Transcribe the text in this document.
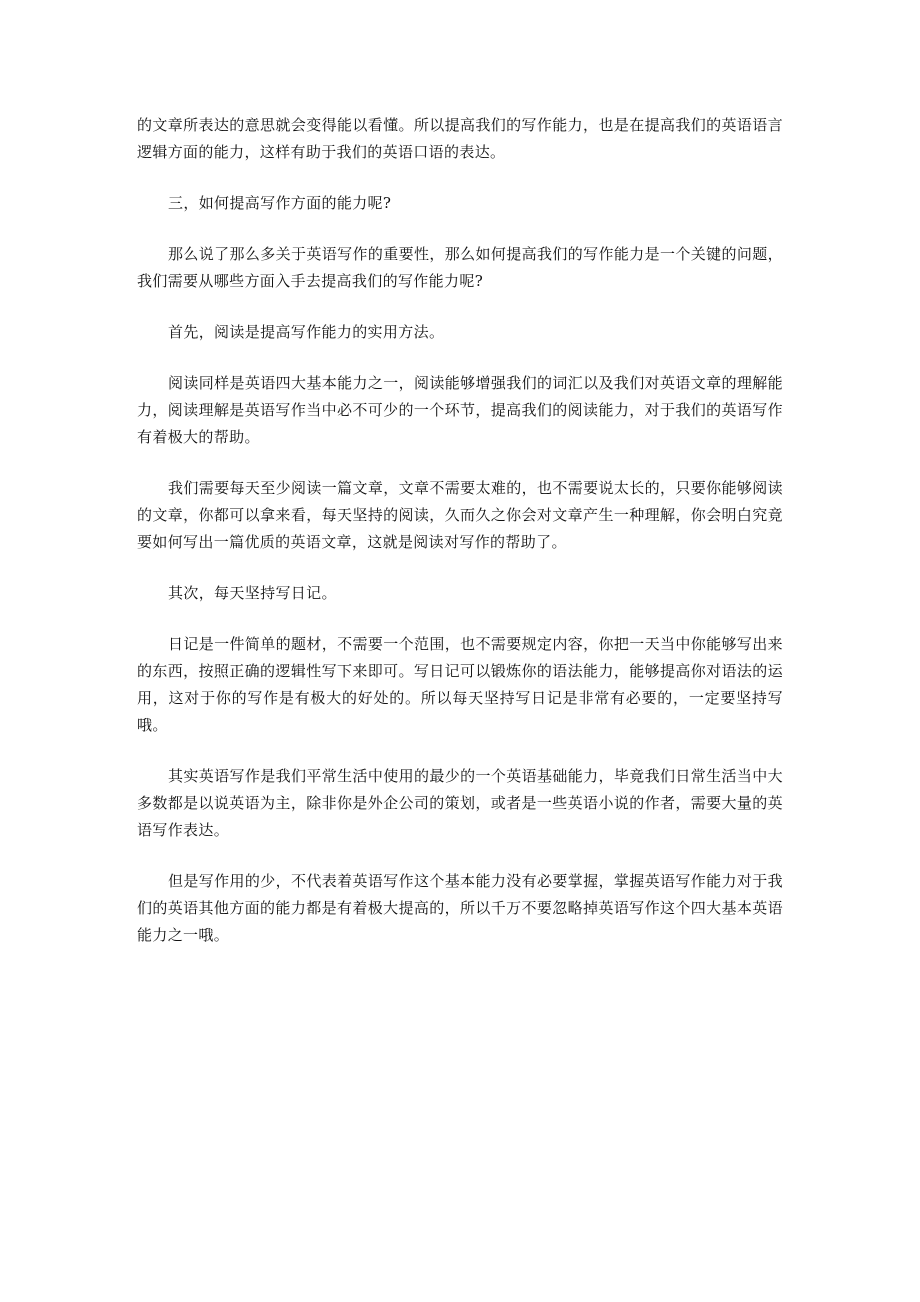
的文章所表达的意思就会变得能以看懂。所以提高我们的写作能力，也是在提高我们的英语语言逻辑方面的能力，这样有助于我们的英语口语的表达。

三，如何提高写作方面的能力呢?

那么说了那么多关于英语写作的重要性，那么如何提高我们的写作能力是一个关键的问题，我们需要从哪些方面入手去提高我们的写作能力呢?

首先，阅读是提高写作能力的实用方法。

阅读同样是英语四大基本能力之一，阅读能够增强我们的词汇以及我们对英语文章的理解能力，阅读理解是英语写作当中必不可少的一个环节，提高我们的阅读能力，对于我们的英语写作有着极大的帮助。

我们需要每天至少阅读一篇文章，文章不需要太难的，也不需要说太长的，只要你能够阅读的文章，你都可以拿来看，每天坚持的阅读，久而久之你会对文章产生一种理解，你会明白究竟要如何写出一篇优质的英语文章，这就是阅读对写作的帮助了。

其次，每天坚持写日记。

日记是一件简单的题材，不需要一个范围，也不需要规定内容，你把一天当中你能够写出来的东西，按照正确的逻辑性写下来即可。写日记可以锻炼你的语法能力，能够提高你对语法的运用，这对于你的写作是有极大的好处的。所以每天坚持写日记是非常有必要的，一定要坚持写哦。

其实英语写作是我们平常生活中使用的最少的一个英语基础能力，毕竟我们日常生活当中大多数都是以说英语为主，除非你是外企公司的策划，或者是一些英语小说的作者，需要大量的英语写作表达。

但是写作用的少，不代表着英语写作这个基本能力没有必要掌握，掌握英语写作能力对于我们的英语其他方面的能力都是有着极大提高的，所以千万不要忽略掉英语写作这个四大基本英语能力之一哦。
